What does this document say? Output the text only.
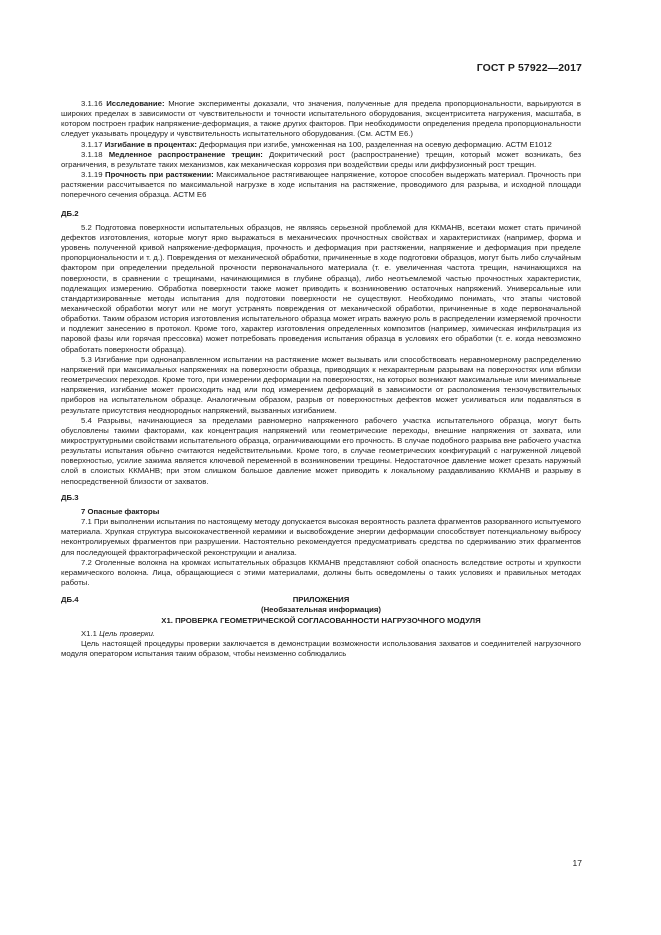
ГОСТ Р 57922—2017

3.1.16 Исследование: Многие эксперименты доказали, что значения, полученные для предела пропорциональности, варьируются в широких пределах в зависимости от чувствительности и точности испытательного оборудования, эксцентриситета нагружения, масштаба, в котором построен график напряжение-деформация, а также других факторов. При необходимости определения предела пропорциональности следует указывать процедуру и чувствительность испытательного оборудования. (См. АСТМ Е6.)

3.1.17 Изгибание в процентах: Деформация при изгибе, умноженная на 100, разделенная на осевую деформацию. АСТМ Е1012

3.1.18 Медленное распространение трещин: Докритический рост (распространение) трещин, который может возникать, без ограничения, в результате таких механизмов, как механическая коррозия при воздействии среды или диффузионный рост трещин.

3.1.19 Прочность при растяжении: Максимальное растягивающее напряжение, которое способен выдержать материал. Прочность при растяжении рассчитывается по максимальной нагрузке в ходе испытания на растяжение, проводимого для разрыва, и исходной площади поперечного сечения образца. АСТМ Е6

ДБ.2

5.2 Подготовка поверхности испытательных образцов, не являясь серьезной проблемой для ККМАНВ, всетаки может стать причиной дефектов изготовления, которые могут ярко выражаться в механических прочностных свойствах и характеристиках (например, форма и уровень полученной кривой напряжение-деформация, прочность и деформация при растяжении, напряжение и деформация при пределе пропорциональности и т. д.). Повреждения от механической обработки, причиненные в ходе подготовки образцов, могут быть либо случайным фактором при определении предельной прочности первоначального материала (т. е. увеличенная частота трещин, начинающихся на поверхности, в сравнении с трещинами, начинающимися в глубине образца), либо неотъемлемой частью прочностных характеристик, подлежащих измерению. Обработка поверхности также может приводить к возникновению остаточных напряжений. Универсальные или стандартизированные методы испытания для подготовки поверхности не существуют. Необходимо понимать, что этапы чистовой механической обработки могут или не могут устранять повреждения от механической обработки, причиненные в ходе первоначальной обработки. Таким образом история изготовления испытательного образца может играть важную роль в распределении измеряемой прочности и подлежит занесению в протокол. Кроме того, характер изготовления определенных композитов (например, химическая инфильтрация из паровой фазы или горячая прессовка) может потребовать проведения испытания образца в условиях его обработки (т. е. когда невозможно обработать поверхности образца).

5.3 Изгибание при однонаправленном испытании на растяжение может вызывать или способствовать неравномерному распределению напряжений при максимальных напряжениях на поверхности образца, приводящих к нехарактерным разрывам на поверхностях или вблизи геометрических переходов. Кроме того, при измерении деформации на поверхностях, на которых возникают максимальные или минимальные напряжения, изгибание может происходить над или под измерением деформаций в зависимости от расположения тензочувствительных приборов на испытательном образце. Аналогичным образом, разрыв от поверхностных дефектов может усиливаться или подавляться в результате присутствия неоднородных напряжений, вызванных изгибанием.

5.4 Разрывы, начинающиеся за пределами равномерно напряженного рабочего участка испытательного образца, могут быть обусловлены такими факторами, как концентрация напряжений или геометрические переходы, внешние напряжения от захвата, или микроструктурными свойствами испытательного образца, ограничивающими его прочность. В случае подобного разрыва вне рабочего участка результаты испытания обычно считаются недействительными. Кроме того, в случае геометрических конфигураций с нагруженной лицевой поверхностью, усилие зажима является ключевой переменной в возникновении трещины. Недостаточное давление может срезать наружный слой в слоистых ККМАНВ; при этом слишком большое давление может приводить к локальному раздавливанию ККМАНВ и разрыву в непосредственной близости от захватов.

ДБ.3
7 Опасные факторы

7.1 При выполнении испытания по настоящему методу допускается высокая вероятность разлета фрагментов разорванного испытуемого материала. Хрупкая структура высококачественной керамики и высвобождение энергии деформации способствует потенциальному выбросу неконтролируемых фрагментов при разрушении. Настоятельно рекомендуется предусматривать средства по сдерживанию этих фрагментов для последующей фрактографической реконструкции и анализа.

7.2 Оголенные волокна на кромках испытательных образцов ККМАНВ представляют собой опасность вследствие остроты и хрупкости керамического волокна. Лица, обращающиеся с этими материалами, должны быть осведомлены о таких условиях и правильных методах работы.

ДБ.4	ПРИЛОЖЕНИЯ
(Необязательная информация)
Х1. ПРОВЕРКА ГЕОМЕТРИЧЕСКОЙ СОГЛАСОВАННОСТИ НАГРУЗОЧНОГО МОДУЛЯ

Х1.1 Цель проверки.

Цель настоящей процедуры проверки заключается в демонстрации возможности использования захватов и соединителей нагрузочного модуля оператором испытания таким образом, чтобы неизменно соблюдались

17
